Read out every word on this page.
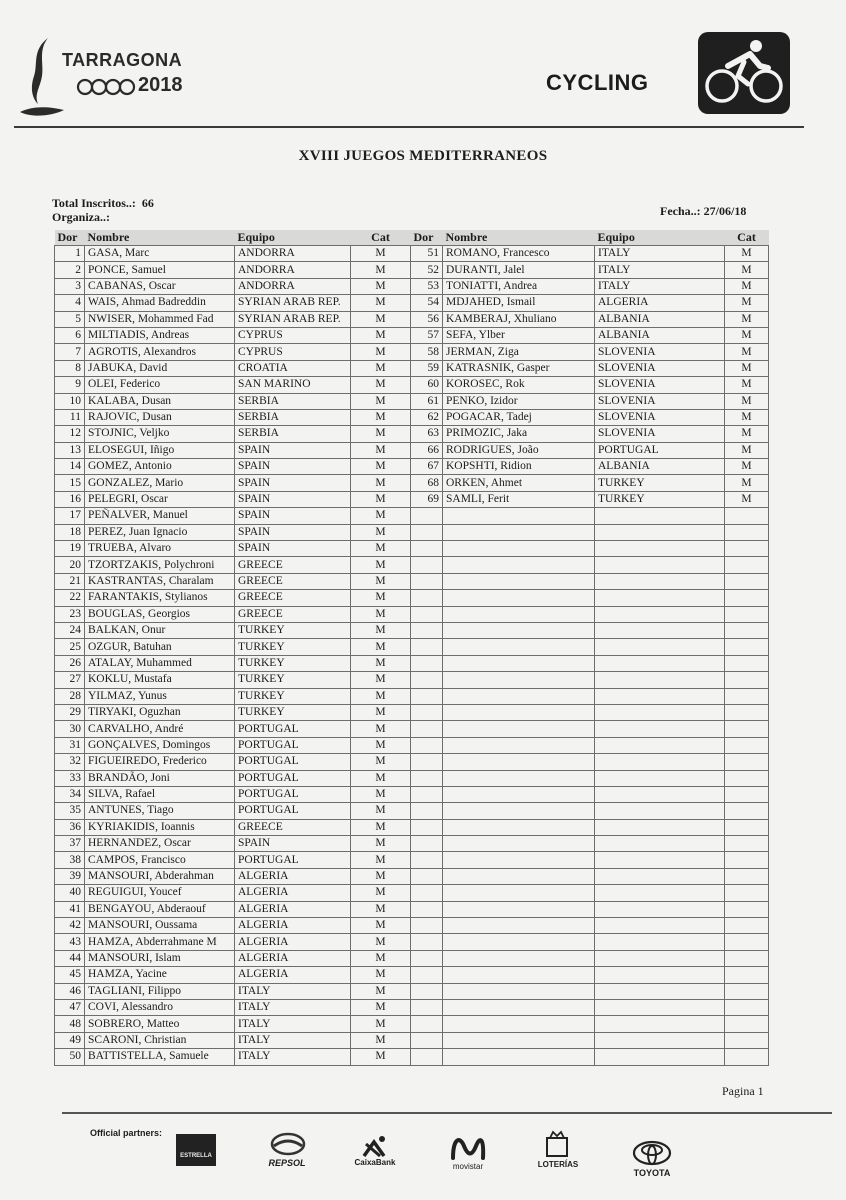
TARRAGONA
2018	CYCLING
XVIII JUEGOS MEDITERRANEOS
Total Inscritos..: 66
Organiza..:	Fecha..: 27/06/18
Dor	Nombre	Equipo	Cat
1	GASA, Marc	ANDORRA	M
2	PONCE, Samuel	ANDORRA	M
3	CABANAS, Oscar	ANDORRA	M
4	WAIS, Ahmad Badreddin	SYRIAN ARAB REP.	M
5	NWISER, Mohammed Fad	SYRIAN ARAB REP.	M
6	MILTIADIS, Andreas	CYPRUS	M
7	AGROTIS, Alexandros	CYPRUS	M
8	JABUKA, David	CROATIA	M
9	OLEI, Federico	SAN MARINO	M
10	KALABA, Dusan	SERBIA	M
11	RAJOVIC, Dusan	SERBIA	M
12	STOJNIC, Veljko	SERBIA	M
13	ELOSEGUI, Iñigo	SPAIN	M
14	GOMEZ, Antonio	SPAIN	M
15	GONZALEZ, Mario	SPAIN	M
16	PELEGRI, Oscar	SPAIN	M
17	PEÑALVER, Manuel	SPAIN	M
18	PEREZ, Juan Ignacio	SPAIN	M
19	TRUEBA, Alvaro	SPAIN	M
20	TZORTZAKIS, Polychroni	GREECE	M
21	KASTRANTAS, Charalam	GREECE	M
22	FARANTAKIS, Stylianos	GREECE	M
23	BOUGLAS, Georgios	GREECE	M
24	BALKAN, Onur	TURKEY	M
25	OZGUR, Batuhan	TURKEY	M
26	ATALAY, Muhammed	TURKEY	M
27	KOKLU, Mustafa	TURKEY	M
28	YILMAZ, Yunus	TURKEY	M
29	TIRYAKI, Oguzhan	TURKEY	M
30	CARVALHO, André	PORTUGAL	M
31	GONÇALVES, Domingos	PORTUGAL	M
32	FIGUEIREDO, Frederico	PORTUGAL	M
33	BRANDÃO, Joni	PORTUGAL	M
34	SILVA, Rafael	PORTUGAL	M
35	ANTUNES, Tiago	PORTUGAL	M
36	KYRIAKIDIS, Ioannis	GREECE	M
37	HERNANDEZ, Oscar	SPAIN	M
38	CAMPOS, Francisco	PORTUGAL	M
39	MANSOURI, Abderahman	ALGERIA	M
40	REGUIGUI, Youcef	ALGERIA	M
41	BENGAYOU, Abderaouf	ALGERIA	M
42	MANSOURI, Oussama	ALGERIA	M
43	HAMZA, Abderrahmane M	ALGERIA	M
44	MANSOURI, Islam	ALGERIA	M
45	HAMZA, Yacine	ALGERIA	M
46	TAGLIANI, Filippo	ITALY	M
47	COVI, Alessandro	ITALY	M
48	SOBRERO, Matteo	ITALY	M
49	SCARONI, Christian	ITALY	M
50	BATTISTELLA, Samuele	ITALY	M
Dor	Nombre	Equipo	Cat
51	ROMANO, Francesco	ITALY	M
52	DURANTI, Jalel	ITALY	M
53	TONIATTI, Andrea	ITALY	M
54	MDJAHED, Ismail	ALGERIA	M
56	KAMBERAJ, Xhuliano	ALBANIA	M
57	SEFA, Ylber	ALBANIA	M
58	JERMAN, Ziga	SLOVENIA	M
59	KATRASNIK, Gasper	SLOVENIA	M
60	KOROSEC, Rok	SLOVENIA	M
61	PENKO, Izidor	SLOVENIA	M
62	POGACAR, Tadej	SLOVENIA	M
63	PRIMOZIC, Jaka	SLOVENIA	M
66	RODRIGUES, João	PORTUGAL	M
67	KOPSHTI, Ridion	ALBANIA	M
68	ORKEN, Ahmet	TURKEY	M
69	SAMLI, Ferit	TURKEY	M

Pagina 1
Official partners:
ESTRELLA
REPSOL	CaixaBank	movistar	LOTERÍAS
TOYOTA
